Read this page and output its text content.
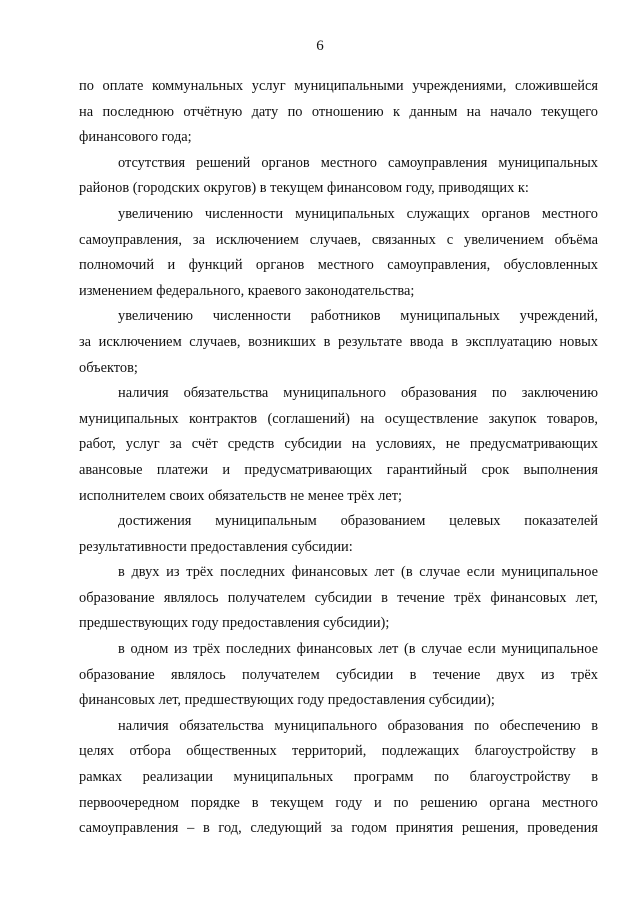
6

по оплате коммунальных услуг муниципальными учреждениями, сложившейся

на последнюю отчётную дату по отношению к данным на начало текущего

финансового года;

отсутствия решений органов местного самоуправления муниципальных

районов (городских округов) в текущем финансовом году, приводящих к:

увеличению численности муниципальных служащих органов местного

самоуправления, за исключением случаев, связанных с увеличением объёма

полномочий и функций органов местного самоуправления, обусловленных

изменением федерального, краевого законодательства;

увеличению численности работников муниципальных учреждений,

за исключением случаев, возникших в результате ввода в эксплуатацию новых

объектов;

наличия обязательства муниципального образования по заключению

муниципальных контрактов (соглашений) на осуществление закупок товаров,

работ, услуг за счёт средств субсидии на условиях, не предусматривающих

авансовые платежи и предусматривающих гарантийный срок выполнения

исполнителем своих обязательств не менее трёх лет;

достижения муниципальным образованием целевых показателей

результативности предоставления субсидии:

в двух из трёх последних финансовых лет (в случае если муниципальное

образование являлось получателем субсидии в течение трёх финансовых лет,

предшествующих году предоставления субсидии);

в одном из трёх последних финансовых лет (в случае если муниципальное

образование являлось получателем субсидии в течение двух из трёх

финансовых лет, предшествующих году предоставления субсидии);

наличия обязательства муниципального образования по обеспечению в

целях отбора общественных территорий, подлежащих благоустройству в

рамках реализации муниципальных программ по благоустройству в

первоочередном порядке в текущем году и по решению органа местного

самоуправления – в год, следующий за годом принятия решения, проведения
